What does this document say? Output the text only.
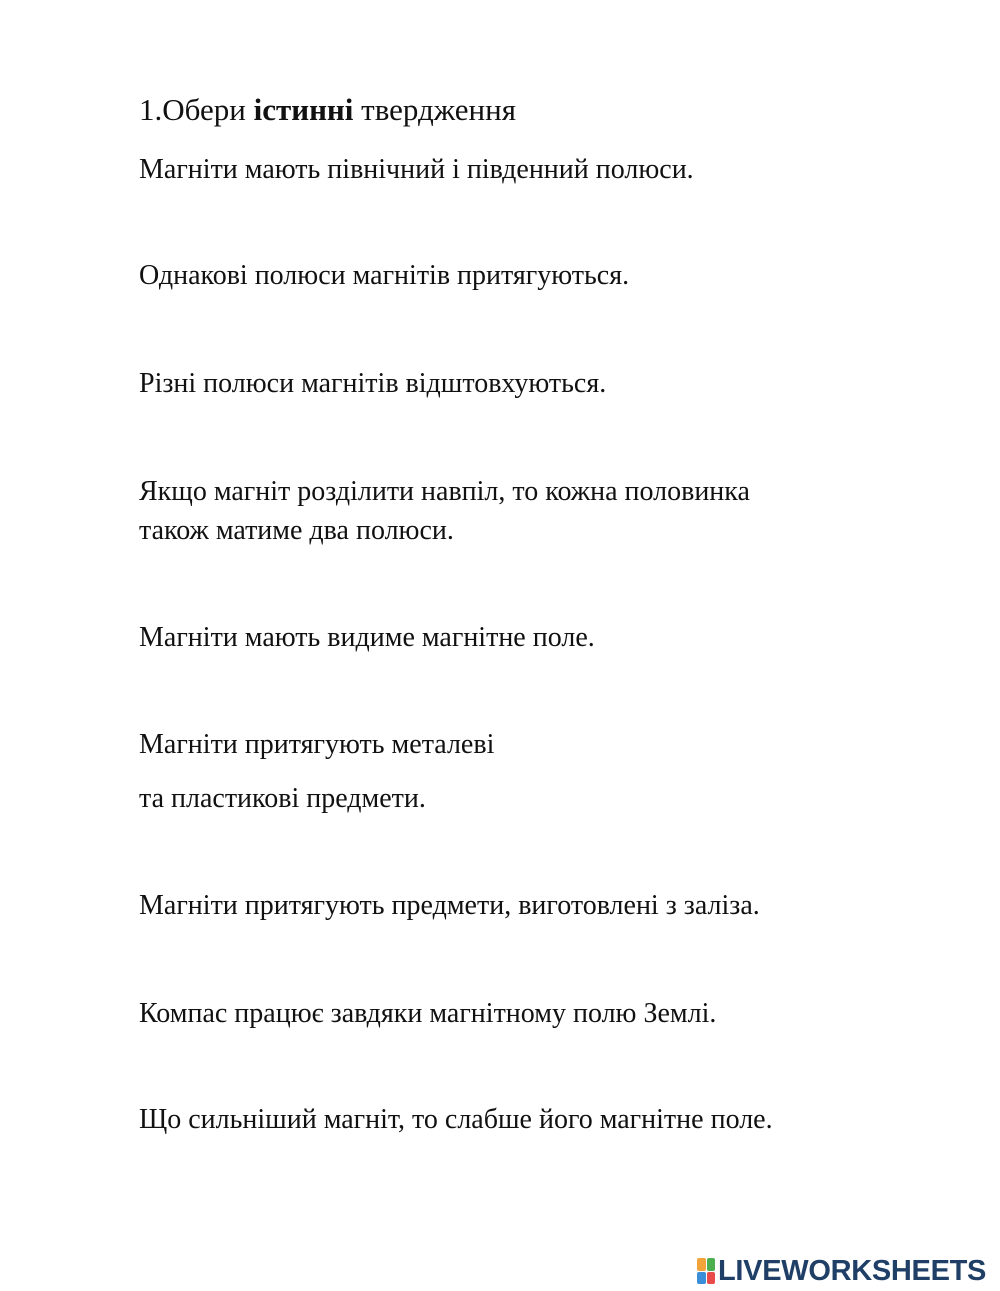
1.Обери істинні твердження
Магніти мають північний і південний полюси.
Однакові полюси магнітів притягуються.
Різні полюси магнітів відштовхуються.
Якщо магніт розділити навпіл, то кожна половинка
також матиме два полюси.
Магніти мають видиме магнітне поле.
Магніти притягують металеві
та пластикові предмети.
Магніти притягують предмети, виготовлені з заліза.
Компас працює завдяки магнітному полю Землі.
Що сильніший магніт, то слабше його магнітне поле.
LIVEWORKSHEETS
